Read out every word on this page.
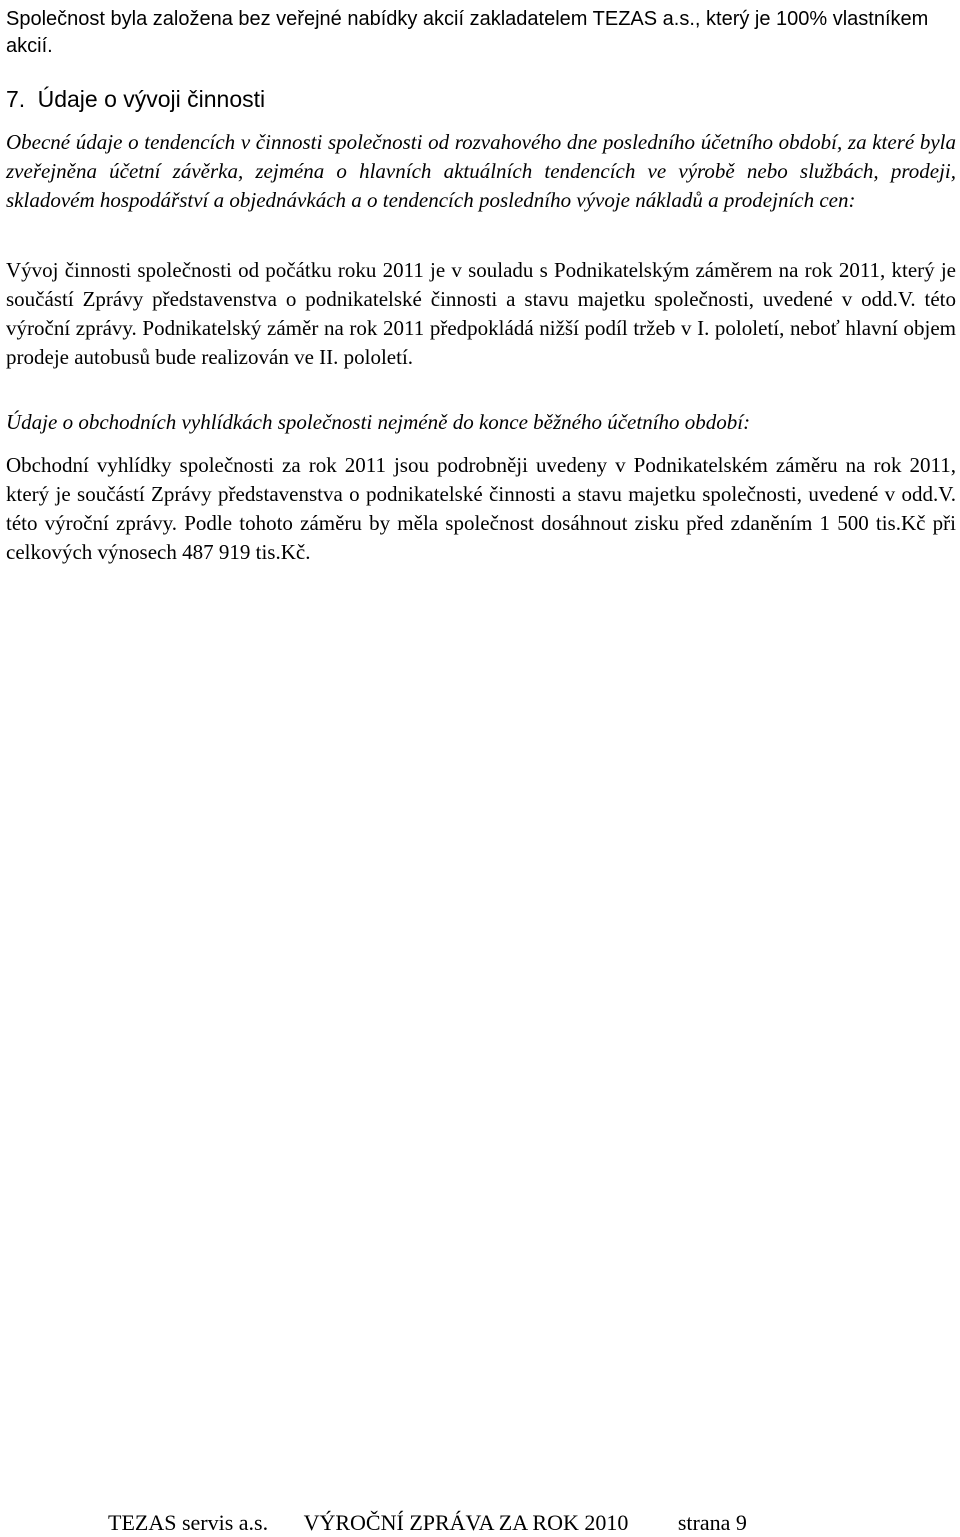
Společnost byla založena bez veřejné nabídky akcií zakladatelem TEZAS a.s., který je 100% vlastníkem akcií.

7. Údaje o vývoji činnosti

Obecné údaje o tendencích v činnosti společnosti od rozvahového dne posledního účetního období, za které byla zveřejněna účetní závěrka, zejména o hlavních aktuálních tendencích ve výrobě nebo službách, prodeji, skladovém hospodářství a objednávkách a o tendencích posledního vývoje nákladů a prodejních cen:

Vývoj činnosti společnosti od počátku roku 2011 je v souladu s Podnikatelským záměrem na rok 2011, který je součástí Zprávy představenstva o podnikatelské činnosti a stavu majetku společnosti, uvedené v odd.V. této výroční zprávy. Podnikatelský záměr na rok 2011 předpokládá nižší podíl tržeb v I. pololetí, neboť hlavní objem prodeje autobusů bude realizován ve II. pololetí.

Údaje o obchodních vyhlídkách společnosti nejméně do konce běžného účetního období:

Obchodní vyhlídky společnosti za rok 2011 jsou podrobněji uvedeny v Podnikatelském záměru na rok 2011, který je součástí Zprávy představenstva o podnikatelské činnosti a stavu majetku společnosti, uvedené v odd.V. této výroční zprávy. Podle tohoto záměru by měla společnost dosáhnout zisku před zdaněním 1 500 tis.Kč při celkových výnosech 487 919 tis.Kč.

TEZAS servis a.s. VÝROČNÍ ZPRÁVA ZA ROK 2010 strana 9
